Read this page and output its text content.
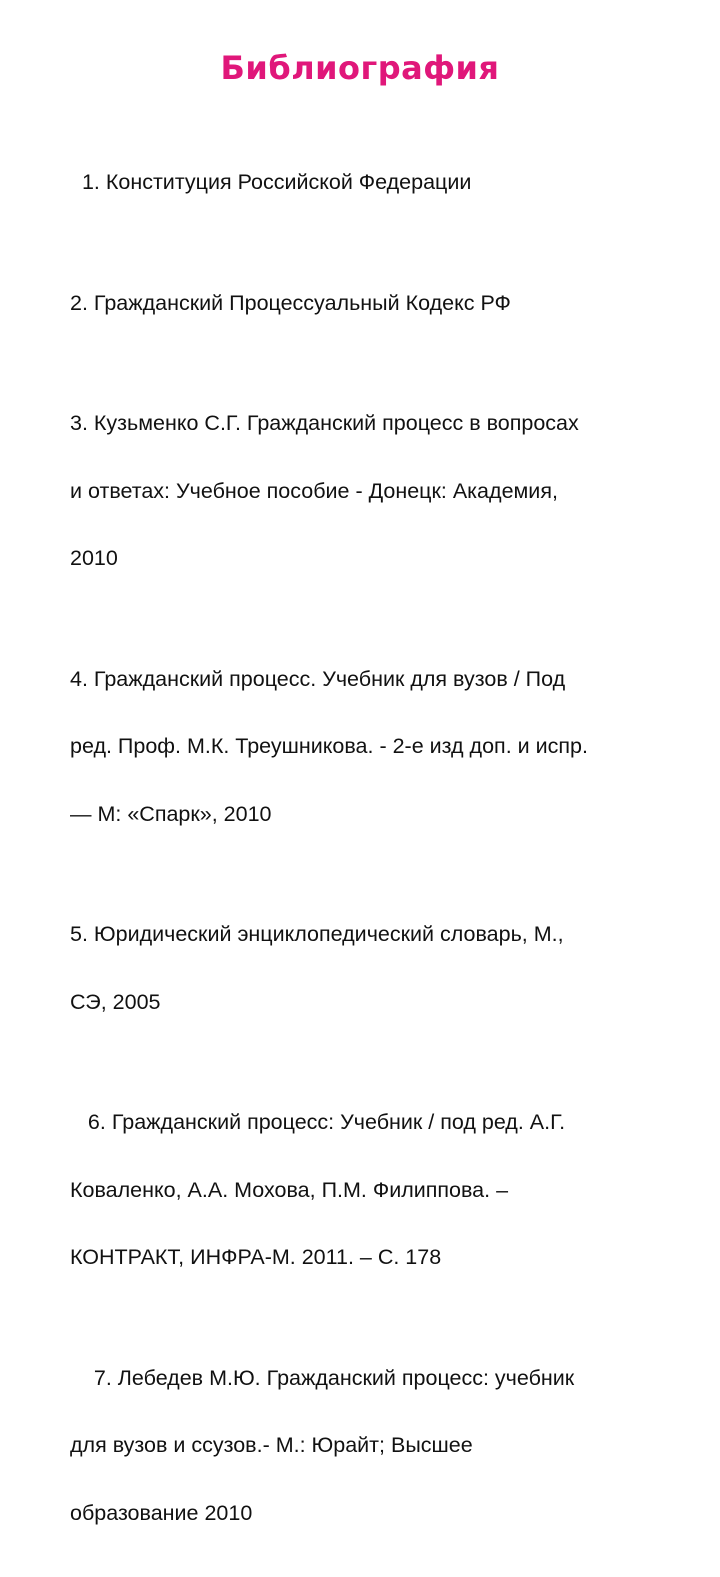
Библиография

1. Конституция Российской Федерации

2. Гражданский Процессуальный Кодекс РФ

3. Кузьменко С.Г. Гражданский процесс в вопросах

и ответах: Учебное пособие - Донецк: Академия,

2010

4. Гражданский процесс. Учебник для вузов / Под

ред. Проф. М.К. Треушникова. - 2-е изд доп. и испр.

— М: «Спарк», 2010

5. Юридический энциклопедический словарь, М.,

СЭ, 2005

6. Гражданский процесс: Учебник / под ред. А.Г.

Коваленко, А.А. Мохова, П.М. Филиппова. –

КОНТРАКТ, ИНФРА-М. 2011. – С. 178

7. Лебедев М.Ю. Гражданский процесс: учебник

для вузов и ссузов.- М.: Юрайт; Высшее

образование 2010
